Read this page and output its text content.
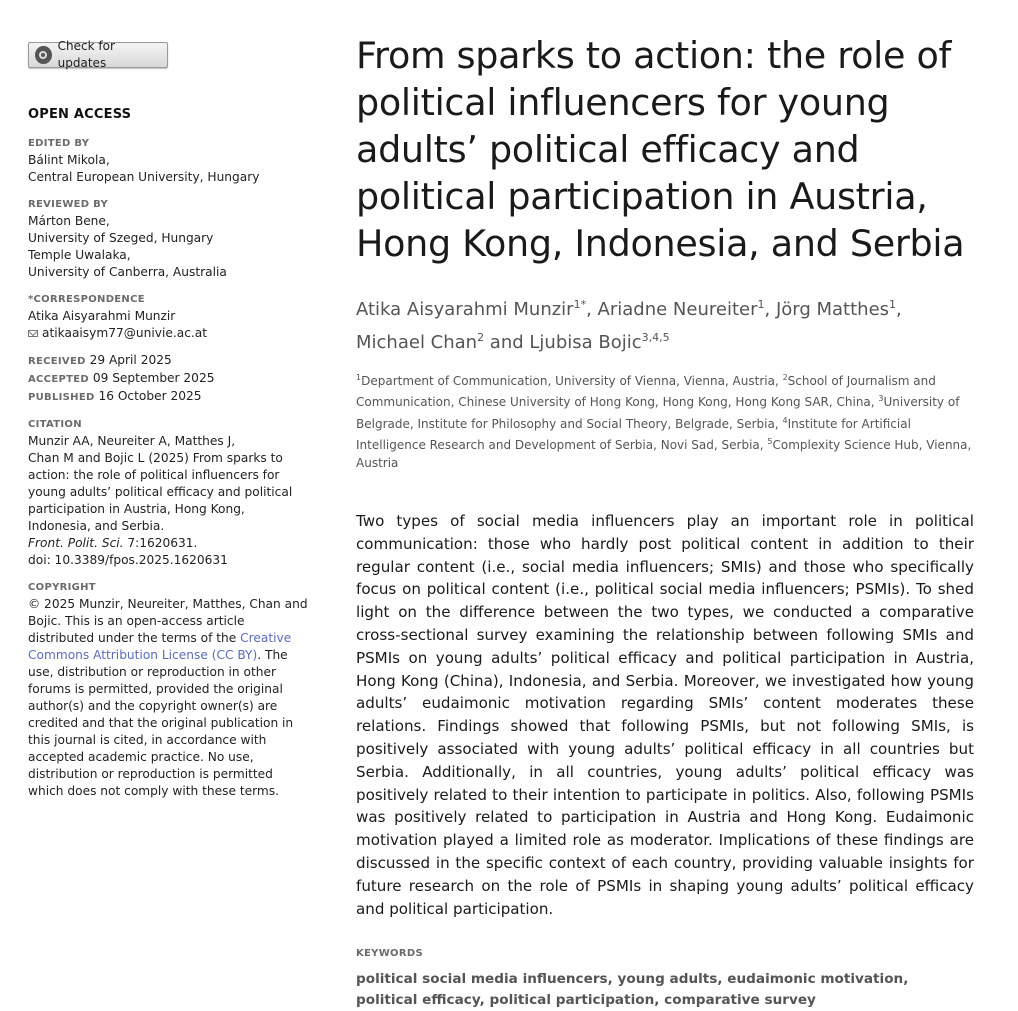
Check for updates
OPEN ACCESS
EDITED BY
Bálint Mikola,
Central European University, Hungary
REVIEWED BY
Márton Bene,
University of Szeged, Hungary
Temple Uwalaka,
University of Canberra, Australia
*CORRESPONDENCE
Atika Aisyarahmi Munzir
atikaaisym77@univie.ac.at
RECEIVED 29 April 2025
ACCEPTED 09 September 2025
PUBLISHED 16 October 2025
CITATION
Munzir AA, Neureiter A, Matthes J,
Chan M and Bojic L (2025) From sparks to
action: the role of political influencers for
young adults’ political efficacy and political
participation in Austria, Hong Kong,
Indonesia, and Serbia.
Front. Polit. Sci. 7:1620631.
doi: 10.3389/fpos.2025.1620631
COPYRIGHT
© 2025 Munzir, Neureiter, Matthes, Chan and Bojic. This is an open-access article distributed under the terms of the Creative Commons Attribution License (CC BY). The use, distribution or reproduction in other forums is permitted, provided the original author(s) and the copyright owner(s) are credited and that the original publication in this journal is cited, in accordance with accepted academic practice. No use, distribution or reproduction is permitted which does not comply with these terms.
From sparks to action: the role of political influencers for young adults’ political efficacy and political participation in Austria, Hong Kong, Indonesia, and Serbia
Atika Aisyarahmi Munzir$^{1*}$, Ariadne Neureiter$^1$, Jörg Matthes$^1$, Michael Chan$^2$ and Ljubisa Bojic$^{3,4,5}$
$^1$Department of Communication, University of Vienna, Vienna, Austria, $^2$School of Journalism and Communication, Chinese University of Hong Kong, Hong Kong, Hong Kong SAR, China, $^3$University of Belgrade, Institute for Philosophy and Social Theory, Belgrade, Serbia, $^4$Institute for Artificial Intelligence Research and Development of Serbia, Novi Sad, Serbia, $^5$Complexity Science Hub, Vienna, Austria
Two types of social media influencers play an important role in political communication: those who hardly post political content in addition to their regular content (i.e., social media influencers; SMIs) and those who specifically focus on political content (i.e., political social media influencers; PSMIs). To shed light on the difference between the two types, we conducted a comparative cross-sectional survey examining the relationship between following SMIs and PSMIs on young adults’ political efficacy and political participation in Austria, Hong Kong (China), Indonesia, and Serbia. Moreover, we investigated how young adults’ eudaimonic motivation regarding SMIs’ content moderates these relations. Findings showed that following PSMIs, but not following SMIs, is positively associated with young adults’ political efficacy in all countries but Serbia. Additionally, in all countries, young adults’ political efficacy was positively related to their intention to participate in politics. Also, following PSMIs was positively related to participation in Austria and Hong Kong. Eudaimonic motivation played a limited role as moderator. Implications of these findings are discussed in the specific context of each country, providing valuable insights for future research on the role of PSMIs in shaping young adults’ political efficacy and political participation.
KEYWORDS
political social media influencers, young adults, eudaimonic motivation, political efficacy, political participation, comparative survey
